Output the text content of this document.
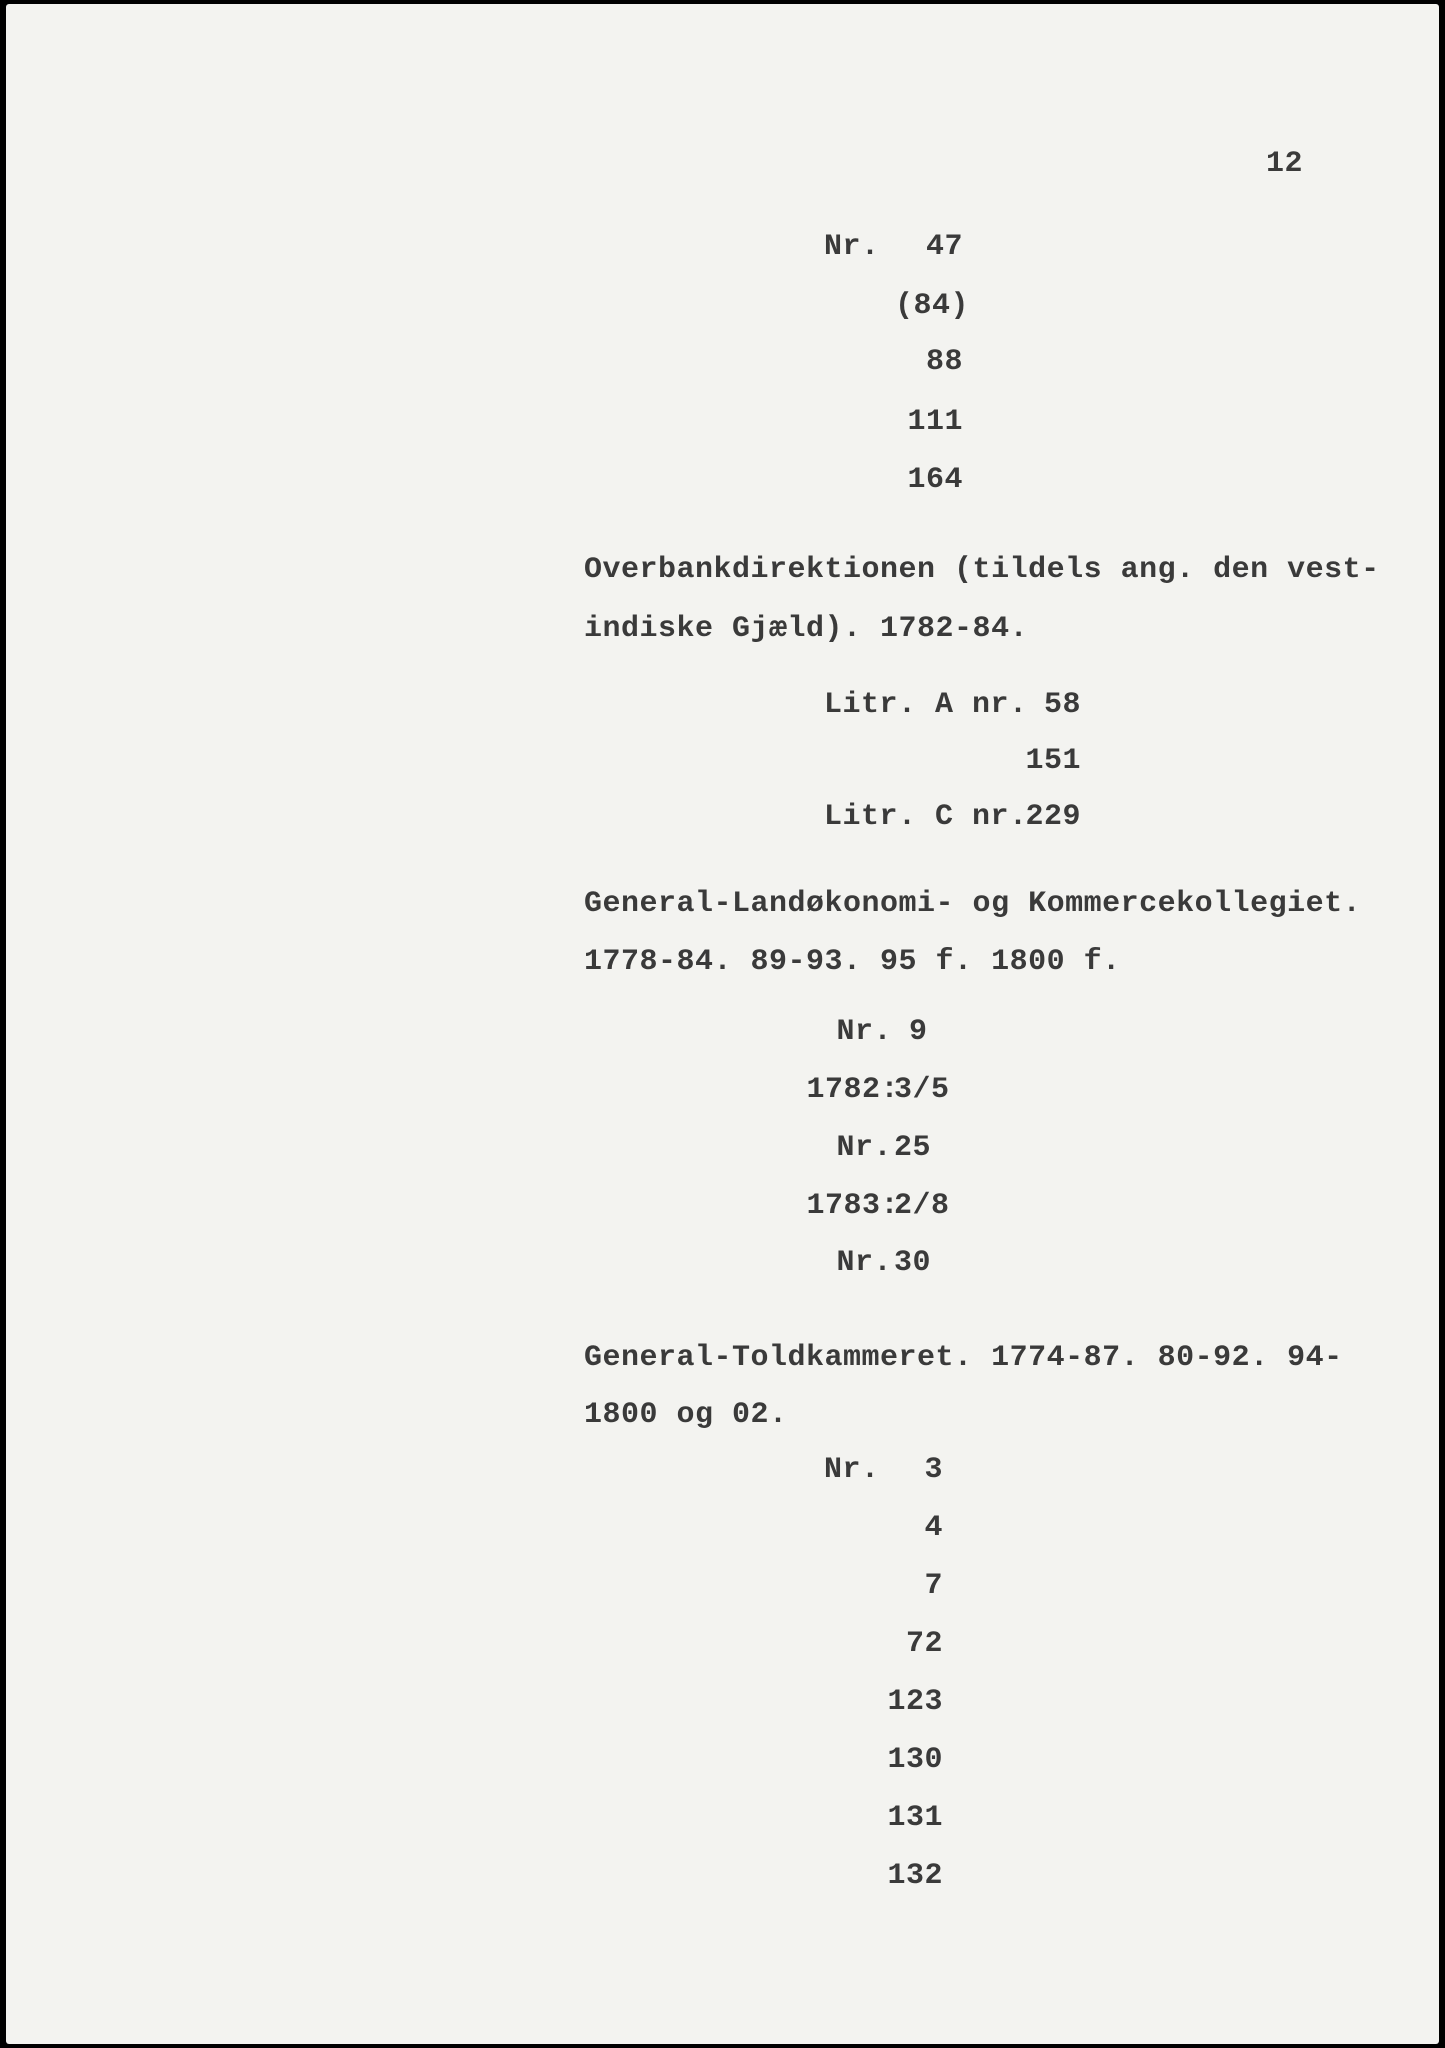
12
Nr. 47
(84)
88
111
164
Overbankdirektionen (tildels ang. den vest-
indiske Gjæld). 1782-84.
Litr. A nr. 58
151
Litr. C nr.
229
General-Landøkonomi- og Kommercekollegiet.
1778-84. 89-93. 95 f. 1800 f.
Nr. 9
1782:
3/5
Nr. 25
1783:
2/8
Nr. 30
General-Toldkammeret. 1774-87. 80-92. 94-
1800 og 02.
Nr. 3
4
7
72
123
130
131
132
